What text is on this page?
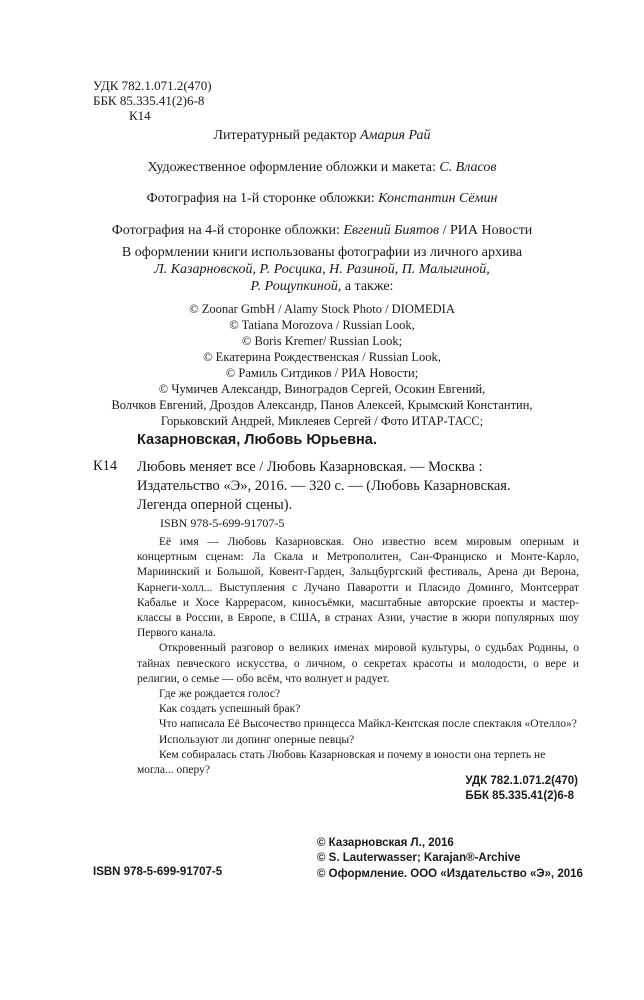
УДК 782.1.071.2(470)
ББК 85.335.41(2)6-8
К14
Литературный редактор Амария Рай
Художественное оформление обложки и макета: С. Власов
Фотография на 1-й сторонке обложки: Константин Сёмин
Фотография на 4-й сторонке обложки: Евгений Биятов / РИА Новости
В оформлении книги использованы фотографии из личного архива
Л. Казарновской, Р. Росцика, Н. Разиной, П. Малыгиной,
Р. Рощупкиной, а также:
© Zoonar GmbH / Alamy Stock Photo / DIOMEDIA
© Tatiana Morozova / Russian Look,
© Boris Kremer/ Russian Look;
© Екатерина Рождественская / Russian Look,
© Рамиль Ситдиков / РИА Новости;
© Чумичев Александр, Виноградов Сергей, Осокин Евгений,
Волчков Евгений, Дроздов Александр, Панов Алексей, Крымский Константин,
Горьковский Андрей, Миклеяев Сергей / Фото ИТАР-ТАСС;
Казарновская, Любовь Юрьевна.
К14 Любовь меняет все / Любовь Казарновская. — Москва :
Издательство «Э», 2016. — 320 с. — (Любовь Казарновская.
Легенда оперной сцены).
ISBN 978-5-699-91707-5

Её имя — Любовь Казарновская. Оно известно всем мировым оперным и концертным сценам: Ла Скала и Метрополитен, Сан-Франциско и Монте-Карло, Мариинский и Большой, Ковент-Гарден, Зальцбургский фестиваль, Арена ди Верона, Карнеги-холл... Выступления с Лучано Паваротти и Пласидо Доминго, Монтсеррат Кабалье и Хосе Каррерасом, киносъёмки, масштабные авторские проекты и мастер-классы в России, в Европе, в США, в странах Азии, участие в жюри популярных шоу Первого канала.

Откровенный разговор о великих именах мировой культуры, о судьбах Родины, о тайнах певческого искусства, о личном, о секретах красоты и молодости, о вере и религии, о семье — обо всём, что волнует и радует.

Где же рождается голос?

Как создать успешный брак?

Что написала Её Высочество принцесса Майкл-Кентская после спектакля «Отелло»?

Используют ли допинг оперные певцы?

Кем собиралась стать Любовь Казарновская и почему в юности она терпеть не могла... оперу?

УДК 782.1.071.2(470)
ББК 85.335.41(2)6-8
ISBN 978-5-699-91707-5
© Казарновская Л., 2016
© S. Lauterwasser; Karajan®-Archive
© Оформление. ООО «Издательство «Э», 2016
